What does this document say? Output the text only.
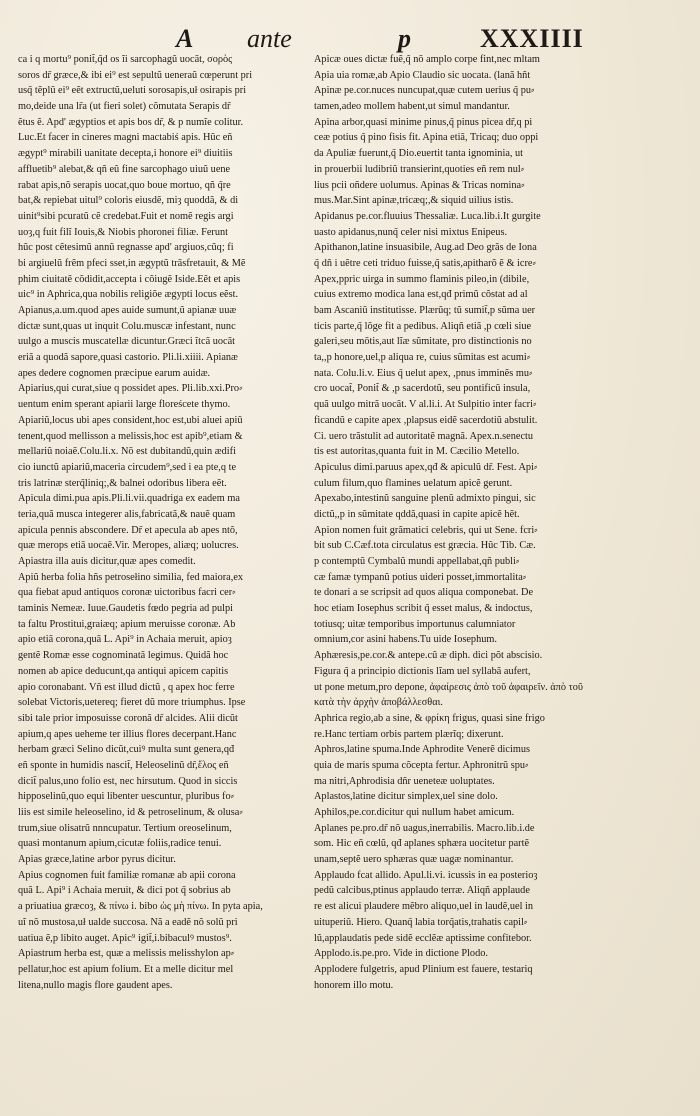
A ante	p	XXXIIII
ca i q mortu⁹ ponit̃,q̃d os ĩi sarcophagũ uocãt, σορὸς
soros dr̃ græce,& ibi ei⁹ est sepultũ ueneraũ cœperunt pri
usq̃ tẽplũ ei⁹ eẽt extructũ,ueluti sorosapis,uł osirapis pri
mo,deide una lr̃a (ut fieri solet) cõmutata Serapis dr̃
ẽtus ẽ. Apd' ægyptios et apis bos dr̃, & p numĩe colitur.
Luc.Et facer in cineres magni mactabiś apis. Hũc eñ
ægypt⁹ mirabili uanitate decepta,i honore ei⁹ diuitiis
affluetib⁹ alebat,& qñ eũ fine sarcophago uiuũ uene
rabat apis,nõ serapis uocat,quo boue mortuo, qñ q̃re
bat,& repiebat uitul⁹ coloris eiusdẽ, miȝ quoddã, & di
uinit⁹sibi pcuratũ cẽ credebat.Fuit et nomẽ regis argi
uoȝ,q fuit filĩ Iouis,& Niobis phoronei filiæ. Ferunt
hũc post cẽtesimũ annũ regnasse apd' argiuos,cũq; fi
bi argiuelũ frẽm pfeci sset,in ægyptũ trãsfretauit, & Mẽ
phim ciuitatẽ cõdidit,accepta i cõiugẽ Iside.Eẽt et apis
uic⁹ in Aphrica,qua nobilis religiõe ægypti locus eẽst.
Apianus,a.um.quod apes auide sumunt,ũ apianæ uuæ
dictæ sunt,quas ut inquit Colu.muscæ infestant, nunc
uulgo a muscis muscatellæ dicuntur.Græci ĩtcã uocãt
eriã a quodã sapore,quasi castorio. Pli.li.xiiii. Apianæ
apes dedere cognomen præcipue earum auidæ.
Apiarius,qui curat,siue q possidet apes. Pli.lib.xxi.Pro⸗
uentum enim sperant apiarii large floreścete thymo.
Apiariũ,locus ubi apes consident,hoc est,ubi aluei apiũ
tenent,quod mellisson a melissis,hoc est apib⁹,etiam &
mellariũ noiaẽ.Colu.li.x. Nõ est dubitandũ,quin ædifi
cio iunctũ apiariũ,maceria circudem⁹,sed i ea pte,q te
tris latrinæ sterq̃liniq;,& balnei odoribus libera eẽt.
Apicula dimi.pua apis.Pli.li.vii.quadriga ex eadem ma
teria,quã musca integerer alis,fabricatã,& nauẽ quam
apicula pennis abscondere. Dr̃ et apecula ab apes ntõ,
quæ merops etiã uocaẽ.Vir. Meropes, aliæq; uolucres.
Apiastra illa auis dicitur,quæ apes comedit.
Apiũ herba folia hñs petrosełino similia, fed maiora,ex
qua fiebat apud antiquos coronæ uictoribus facri cer⸗
taminis Nemeæ. Iuue.Gaudetis fœdo pegria ad pulpi
ta faltu Prostitui,graiæq; apium meruisse coronæ. Ab
apio etiã corona,quã L. Api⁹ in Achaia meruit, apioȝ
gentẽ Romæ esse cognominatã legimus. Quidã hoc
nomen ab apice deducunt,qa antiqui apicem capitis
apio coronabant. Vñ est illud dictũ , q apex hoc ferre
solebat Victoris,uetereq; fieret dũ more triumphus. Ipse
sibi tale prior imposuisse coronã dr̃ alcides. Alii dicũt
apium,q apes ueheme ter illius flores decerpant.Hanc
herbam græci Selino dicũt,cuiꝰ multa sunt genera,qđ
eñ sponte in humidis nascit̃, Heleoselinũ dr̃,ἕλος eñ
dicit̃ palus,uno folio est, nec hirsutum. Quod in siccis
hipposelinũ,quo equi libenter uescuntur, pluribus fo⸗
liis est simile heleoselino, id & petroselinum, & olusa⸗
trum,siue olisatrũ nnncupatur. Tertium oreoselinum,
quasi montanum apium,cicutæ foliis,radice tenui.
Apias græce,latine arbor pyrus dicitur.
Apius cognomen fuit familiæ romanæ ab apii corona
quã L. Api⁹ i Achaia meruit, & dici pot q̃ sobrius ab
a priuatiua græcoȝ, & πίνω i. bibo ὡς μὴ πίνω. In pyta apia,
uĩ nõ mustosa,uł ualde succosa. Nã a eadẽ nõ solũ pri
uatiua ẽ,p libito auget. Apic⁹ igit̃,i.bibaculꝰ mustos⁹.
Apiastrum herba est, quæ a melissis melisshylon ap⸗
pellatur,hoc est apium folium. Et a melle dicitur mel
litena,nullo magis flore gaudent apes.
Apicæ oues dictæ fuẽ,q̃ nõ amplo corpe fint,nec mltam
Apia uia romæ,ab Apio Claudio sic uocata. (lanã hñt
Apinæ pe.cor.nuces nuncupat,quæ cutem uerius q̃ pu⸗
tamen,adeo mollem habent,ut simul mandantur.
Apina arbor,quasi minime pinus,q̃ pinus picea dr̃,q pi
ceæ potius q̃ pino fisis fit. Apina etiã, Tricaq; duo oppi
da Apuliæ fuerunt,q̃ Dio.euertit tanta ignominia, ut
in prouerbii ludibriũ transierint,quoties eñ rem nul⸗
lius pcii oñdere uolumus. Apinas & Tricas nomina⸗
mus.Mar.Sint apinæ,tricæq;,& siquid uilius istis.
Apidanus pe.cor.fluuius Thessaliæ. Luca.lib.i.It gurgite
uasto apidanus,nunq̃ celer nisi mixtus Enipeus.
Apithanon,latine insuasibile, Aug.ad Deo grãs de Iona
q̃ dñ i uẽtre ceti triduo fuisse,q̃ satis,apitharõ ẽ & icre⸗
Apex,ppric uirga in summo flaminis pileo,in (dibile,
cuius extremo modica lana est,qđ primũ cõstat ad al
bam Ascaniũ institutisse. Plærũq; tũ sumit̃,p sũma uer
ticis parte,q̃ lõge fit a pedibus. Aliqñ etiã ,p cœli siue
galeri,seu mõtis,aut lĩæ sũmitate, pro distinctionis no
ta,,p honore,uel,p aliqua re, cuius sũmitas est acumi⸗
nata. Colu.li.v. Eius q̃ uelut apex, ,pnus imminẽs mu⸗
cro uocat̃, Ponit̃ & ,p sacerdotũ, seu pontificũ insula,
quã uulgo mitrã uocãt. V al.li.i. At Sulpitio inter facri⸗
ficandũ e capite apex ,plapsus eidẽ sacerdotiũ abstulit.
Ci. uero trãstulit ad autoritatẽ magnã. Apex.n.senectu
tis est autoritas,quanta fuit in M. Cæcilio Metello.
Apiculus dimi.paruus apex,qđ & apiculũ dr̃. Fest. Api⸗
culum filum,quo flamines uelatum apicẽ gerunt.
Apexabo,intestinũ sanguine plenũ admixto pingui, sic
dictũ,,p in sũmitate qddã,quasi in capite apicẽ hẽt.
Apion nomen fuit grãmatici celebris, qui ut Sene. fcri⸗
bit sub C.Cæf.tota circulatus est græcia. Hũc Tib. Cæ.
p contemptũ Cymbalũ mundi appellabat,qñ publi⸗
cæ famæ tympanũ potius uideri posset,immortalita⸗
te donari a se scripsit ad quos aliqua componebat. De
hoc etiam Iosephus scribit q̃ esset malus, & indoctus,
totiusq; uitæ temporibus importunus calumniator
omnium,cor asini habens.Tu uide Iosephum.
Aphæresis,pe.cor.& antepe.cũ æ diph. dici põt abscisio.
Figura q̃ a principio dictionis lĩam uel syllabã aufert,
ut pone metum,pro depone, ἀφαίρεσις ἀπὸ τοῦ ἀφαιρεῖν. ἀπὸ τοῦ
κατὰ τὴν ἀρχὴν ἀποβάλλεσθαι.
Aphrica regio,ab a sine, & φρίκη frigus, quasi sine frigo
re.Hanc tertiam orbis partem plærĩq; dixerunt.
Aphros,latine spuma.Inde Aphrodite Venerẽ dicimus
quia de maris spuma cõcepta fertur. Aphronitrũ spu⸗
ma nitri,Aphrodisia dñr ueneteæ uoluptates.
Aplastos,latine dicitur simplex,uel sine dolo.
Aphilos,pe.cor.dicitur qui nullum habet amicum.
Aplanes pe.pro.dr̃ nõ uagus,inerrabilis. Macro.lib.i.de
som. Hic eñ cœlũ, qđ aplanes sphæra uocitetur partẽ
unam,septẽ uero sphæras quæ uagæ nominantur.
Applaudo fcat allido. Apul.li.vi. icussis in ea posterioȝ
pedũ calcibus,ptinus applaudo terræ. Aliqñ applaude
re est alicui plaudere mẽbro aliquo,uel in laudẽ,uel in
uituperiũ. Hiero. Quanq̃ labia torq̃atis,trahatis capil⸗
lũ,applaudatis pede sidẽ ecclẽæ aptissime confitebor.
Applodo.is.pe.pro. Vide in dictione Plodo.
Applodere fulgetris, apud Plinium est fauere, testariq
honorem illo motu.
